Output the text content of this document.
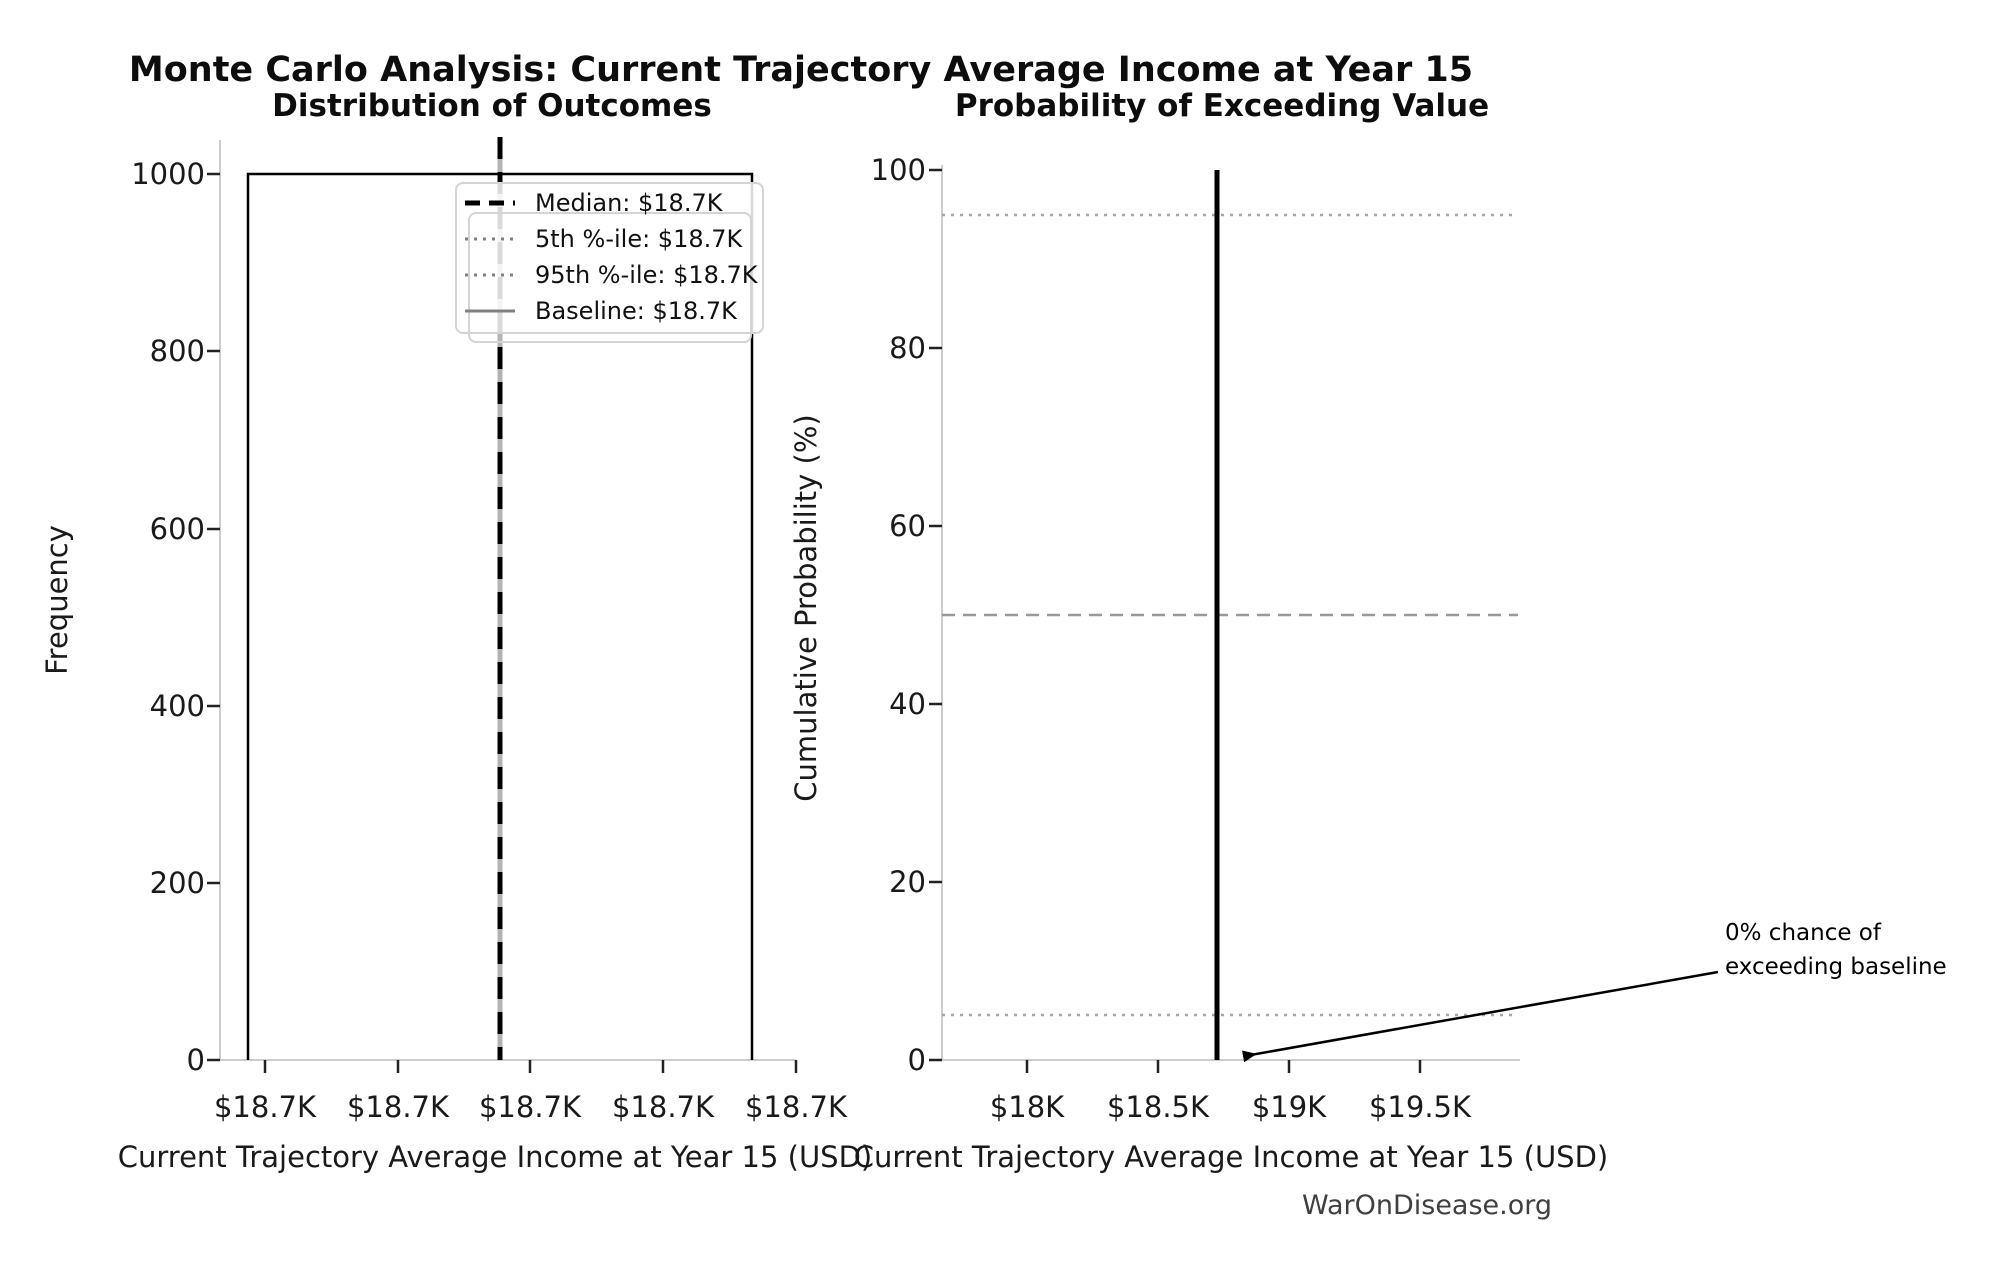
Monte Carlo Analysis: Current Trajectory Average Income at Year 15
Distribution of Outcomes	Probability of Exceeding Value
0
200
400
600
800
1000
$18.7K $18.7K $18.7K $18.7K $18.7K
Frequency
Current Trajectory Average Income at Year 15 (USD)
0
20
40
60
80
100
$18K $18.5K $19K $19.5K
Cumulative Probability (%)
Current Trajectory Average Income at Year 15 (USD)
0% chance of
exceeding baseline
WarOnDisease.org
Median: $18.7K
5th %-ile: $18.7K
95th %-ile: $18.7K
Baseline: $18.7K
